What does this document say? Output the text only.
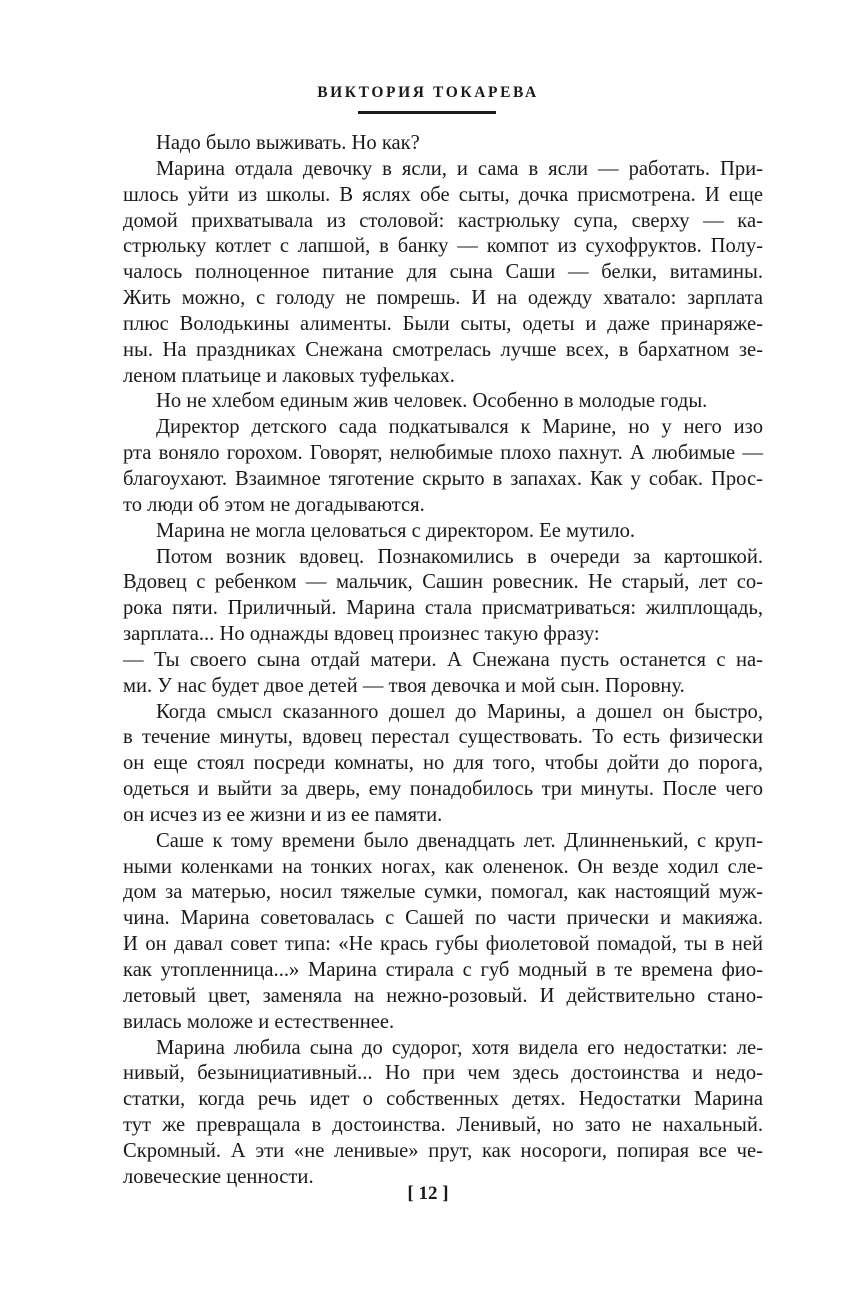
ВИКТОРИЯ ТОКАРЕВА
Надо было выживать. Но как?
Марина отдала девочку в ясли, и сама в ясли — работать. При-
шлось уйти из школы. В яслях обе сыты, дочка присмотрена. И еще
домой прихватывала из столовой: кастрюльку супа, сверху — ка-
стрюльку котлет с лапшой, в банку — компот из сухофруктов. Полу-
чалось полноценное питание для сына Саши — белки, витамины.
Жить можно, с голоду не помрешь. И на одежду хватало: зарплата
плюс Володькины алименты. Были сыты, одеты и даже принаряже-
ны. На праздниках Снежана смотрелась лучше всех, в бархатном зе-
леном платьице и лаковых туфельках.
Но не хлебом единым жив человек. Особенно в молодые годы.
Директор детского сада подкатывался к Марине, но у него изо
рта воняло горохом. Говорят, нелюбимые плохо пахнут. А любимые —
благоухают. Взаимное тяготение скрыто в запахах. Как у собак. Прос-
то люди об этом не догадываются.
Марина не могла целоваться с директором. Ее мутило.
Потом возник вдовец. Познакомились в очереди за картошкой.
Вдовец с ребенком — мальчик, Сашин ровесник. Не старый, лет со-
рока пяти. Приличный. Марина стала присматриваться: жилплощадь,
зарплата... Но однажды вдовец произнес такую фразу:
— Ты своего сына отдай матери. А Снежана пусть останется с на-
ми. У нас будет двое детей — твоя девочка и мой сын. Поровну.
Когда смысл сказанного дошел до Марины, а дошел он быстро,
в течение минуты, вдовец перестал существовать. То есть физически
он еще стоял посреди комнаты, но для того, чтобы дойти до порога,
одеться и выйти за дверь, ему понадобилось три минуты. После чего
он исчез из ее жизни и из ее памяти.
Саше к тому времени было двенадцать лет. Длинненький, с круп-
ными коленками на тонких ногах, как олененок. Он везде ходил сле-
дом за матерью, носил тяжелые сумки, помогал, как настоящий муж-
чина. Марина советовалась с Сашей по части прически и макияжа.
И он давал совет типа: «Не крась губы фиолетовой помадой, ты в ней
как утопленница...» Марина стирала с губ модный в те времена фио-
летовый цвет, заменяла на нежно-розовый. И действительно стано-
вилась моложе и естественнее.
Марина любила сына до судорог, хотя видела его недостатки: ле-
нивый, безынициативный... Но при чем здесь достоинства и недо-
статки, когда речь идет о собственных детях. Недостатки Марина
тут же превращала в достоинства. Ленивый, но зато не нахальный.
Скромный. А эти «не ленивые» прут, как носороги, попирая все че-
ловеческие ценности.
[ 12 ]
